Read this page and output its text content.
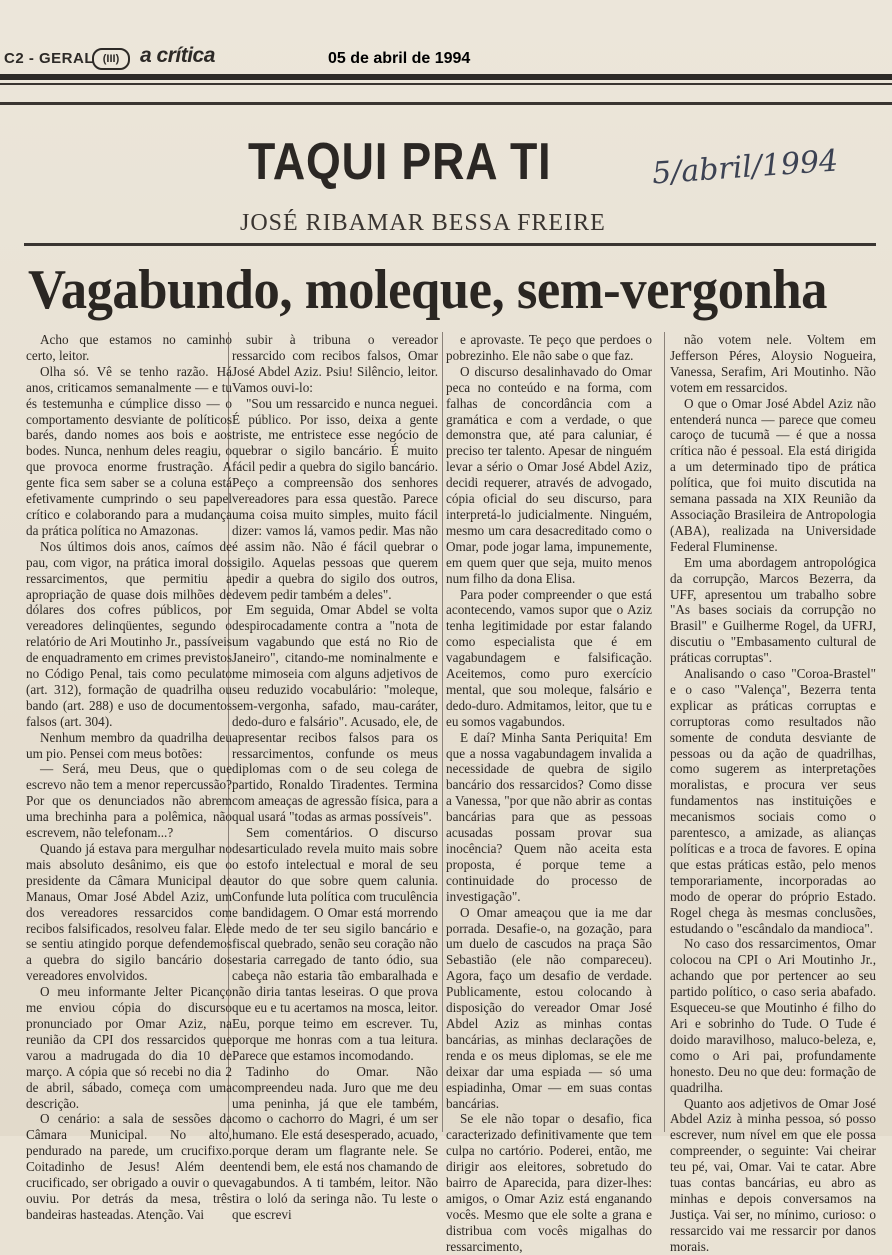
C2 - GERAL (III) a crítica	05 de abril de 1994
TAQUI PRA TI	5/abril/1994
JOSÉ RIBAMAR BESSA FREIRE
Vagabundo, moleque, sem-vergonha

Acho que estamos no caminho certo, leitor.

Olha só. Vê se tenho razão. Há anos, criticamos semanalmente — e tu és testemunha e cúmplice disso — o comportamento desviante de políticos barés, dando nomes aos bois e aos bodes. Nunca, nenhum deles reagiu, o que provoca enorme frustração. A gente fica sem saber se a coluna está efetivamente cumprindo o seu papel crítico e colaborando para a mudança da prática política no Amazonas.

Nos últimos dois anos, caímos de pau, com vigor, na prática imoral dos ressarcimentos, que permitiu a apropriação de quase dois milhões de dólares dos cofres públicos, por vereadores delinqüentes, segundo o relatório de Ari Moutinho Jr., passíveis de enquadramento em crimes previstos no Código Penal, tais como peculato (art. 312), formação de quadrilha ou bando (art. 288) e uso de documentos falsos (art. 304).

Nenhum membro da quadrilha deu um pio. Pensei com meus botões:

— Será, meu Deus, que o que escrevo não tem a menor repercussão? Por que os denunciados não abrem uma brechinha para a polêmica, não escrevem, não telefonam...?

Quando já estava para mergulhar no mais absoluto desânimo, eis que o presidente da Câmara Municipal de Manaus, Omar José Abdel Aziz, um dos vereadores ressarcidos com recibos falsificados, resolveu falar. Ele se sentiu atingido porque defendemos a quebra do sigilo bancário dos vereadores envolvidos.

O meu informante Jelter Picanço me enviou cópia do discurso pronunciado por Omar Aziz, na reunião da CPI dos ressarcidos que varou a madrugada do dia 10 de março. A cópia que só recebi no dia 2 de abril, sábado, começa com uma descrição.

O cenário: a sala de sessões da Câmara Municipal. No alto, pendurado na parede, um crucifixo. Coitadinho de Jesus! Além de crucificado, ser obrigado a ouvir o que ouviu. Por detrás da mesa, três bandeiras hasteadas. Atenção. Vai

subir à tribuna o vereador ressarcido com recibos falsos, Omar José Abdel Aziz. Psiu! Silêncio, leitor. Vamos ouvi-lo:

"Sou um ressarcido e nunca neguei. É público. Por isso, deixa a gente triste, me entristece esse negócio de quebrar o sigilo bancário. É muito fácil pedir a quebra do sigilo bancário. Peço a compreensão dos senhores vereadores para essa questão. Parece uma coisa muito simples, muito fácil dizer: vamos lá, vamos pedir. Mas não é assim não. Não é fácil quebrar o sigilo. Aquelas pessoas que querem pedir a quebra do sigilo dos outros, devem pedir também a deles".

Em seguida, Omar Abdel se volta despirocadamente contra a "nota de um vagabundo que está no Rio de Janeiro", citando-me nominalmente e me mimoseia com alguns adjetivos de seu reduzido vocabulário: "moleque, sem-vergonha, safado, mau-caráter, dedo-duro e falsário". Acusado, ele, de apresentar recibos falsos para os ressarcimentos, confunde os meus diplomas com o de seu colega de partido, Ronaldo Tiradentes. Termina com ameaças de agressão física, para a qual usará "todas as armas possíveis".

Sem comentários. O discurso desarticulado revela muito mais sobre o estofo intelectual e moral de seu autor do que sobre quem calunia. Confunde luta política com truculência e bandidagem. O Omar está morrendo de medo de ter seu sigilo bancário e fiscal quebrado, senão seu coração não estaria carregado de tanto ódio, sua cabeça não estaria tão embaralhada e não diria tantas leseiras. O que prova que eu e tu acertamos na mosca, leitor. Eu, porque teimo em escrever. Tu, porque me honras com a tua leitura. Parece que estamos incomodando.

Tadinho do Omar. Não compreendeu nada. Juro que me deu uma peninha, já que ele também, como o cachorro do Magri, é um ser humano. Ele está desesperado, acuado, porque deram um flagrante nele. Se entendi bem, ele está nos chamando de vagabundos. A ti também, leitor. Não tira o loló da seringa não. Tu leste o que escrevi

e aprovaste. Te peço que perdoes o pobrezinho. Ele não sabe o que faz.

O discurso desalinhavado do Omar peca no conteúdo e na forma, com falhas de concordância com a gramática e com a verdade, o que demonstra que, até para caluniar, é preciso ter talento. Apesar de ninguém levar a sério o Omar José Abdel Aziz, decidi requerer, através de advogado, cópia oficial do seu discurso, para interpretá-lo judicialmente. Ninguém, mesmo um cara desacreditado como o Omar, pode jogar lama, impunemente, em quem quer que seja, muito menos num filho da dona Elisa.

Para poder compreender o que está acontecendo, vamos supor que o Aziz tenha legitimidade por estar falando como especialista que é em vagabundagem e falsificação. Aceitemos, como puro exercício mental, que sou moleque, falsário e dedo-duro. Admitamos, leitor, que tu e eu somos vagabundos.

E daí? Minha Santa Periquita! Em que a nossa vagabundagem invalida a necessidade de quebra de sigilo bancário dos ressarcidos? Como disse a Vanessa, "por que não abrir as contas bancárias para que as pessoas acusadas possam provar sua inocência? Quem não aceita esta proposta, é porque teme a continuidade do processo de investigação".

O Omar ameaçou que ia me dar porrada. Desafie-o, na gozação, para um duelo de cascudos na praça São Sebastião (ele não compareceu). Agora, faço um desafio de verdade. Publicamente, estou colocando à disposição do vereador Omar José Abdel Aziz as minhas contas bancárias, as minhas declarações de renda e os meus diplomas, se ele me deixar dar uma espiada — só uma espiadinha, Omar — em suas contas bancárias.

Se ele não topar o desafio, fica caracterizado definitivamente que tem culpa no cartório. Poderei, então, me dirigir aos eleitores, sobretudo do bairro de Aparecida, para dizer-lhes: amigos, o Omar Aziz está enganando vocês. Mesmo que ele solte a grana e distribua com vocês migalhas do ressarcimento,

não votem nele. Voltem em Jefferson Péres, Aloysio Nogueira, Vanessa, Serafim, Ari Moutinho. Não votem em ressarcidos.

O que o Omar José Abdel Aziz não entenderá nunca — parece que comeu caroço de tucumã — é que a nossa crítica não é pessoal. Ela está dirigida a um determinado tipo de prática política, que foi muito discutida na semana passada na XIX Reunião da Associação Brasileira de Antropologia (ABA), realizada na Universidade Federal Fluminense.

Em uma abordagem antropológica da corrupção, Marcos Bezerra, da UFF, apresentou um trabalho sobre "As bases sociais da corrupção no Brasil" e Guilherme Rogel, da UFRJ, discutiu o "Embasamento cultural de práticas corruptas".

Analisando o caso "Coroa-Brastel" e o caso "Valença", Bezerra tenta explicar as práticas corruptas e corruptoras como resultados não somente de conduta desviante de pessoas ou da ação de quadrilhas, como sugerem as interpretações moralistas, e procura ver seus fundamentos nas instituições e mecanismos sociais como o parentesco, a amizade, as alianças políticas e a troca de favores. E opina que estas práticas estão, pelo menos temporariamente, incorporadas ao modo de operar do próprio Estado. Rogel chega às mesmas conclusões, estudando o "escândalo da mandioca".

No caso dos ressarcimentos, Omar colocou na CPI o Ari Moutinho Jr., achando que por pertencer ao seu partido político, o caso seria abafado. Esqueceu-se que Moutinho é filho do Ari e sobrinho do Tude. O Tude é doido maravilhoso, maluco-beleza, e, como o Ari pai, profundamente honesto. Deu no que deu: formação de quadrilha.

Quanto aos adjetivos de Omar José Abdel Aziz à minha pessoa, só posso escrever, num nível em que ele possa compreender, o seguinte: Vai cheirar teu pé, vai, Omar. Vai te catar. Abre tuas contas bancárias, eu abro as minhas e depois conversamos na Justiça. Vai ser, no mínimo, curioso: o ressarcido vai me ressarcir por danos morais.
